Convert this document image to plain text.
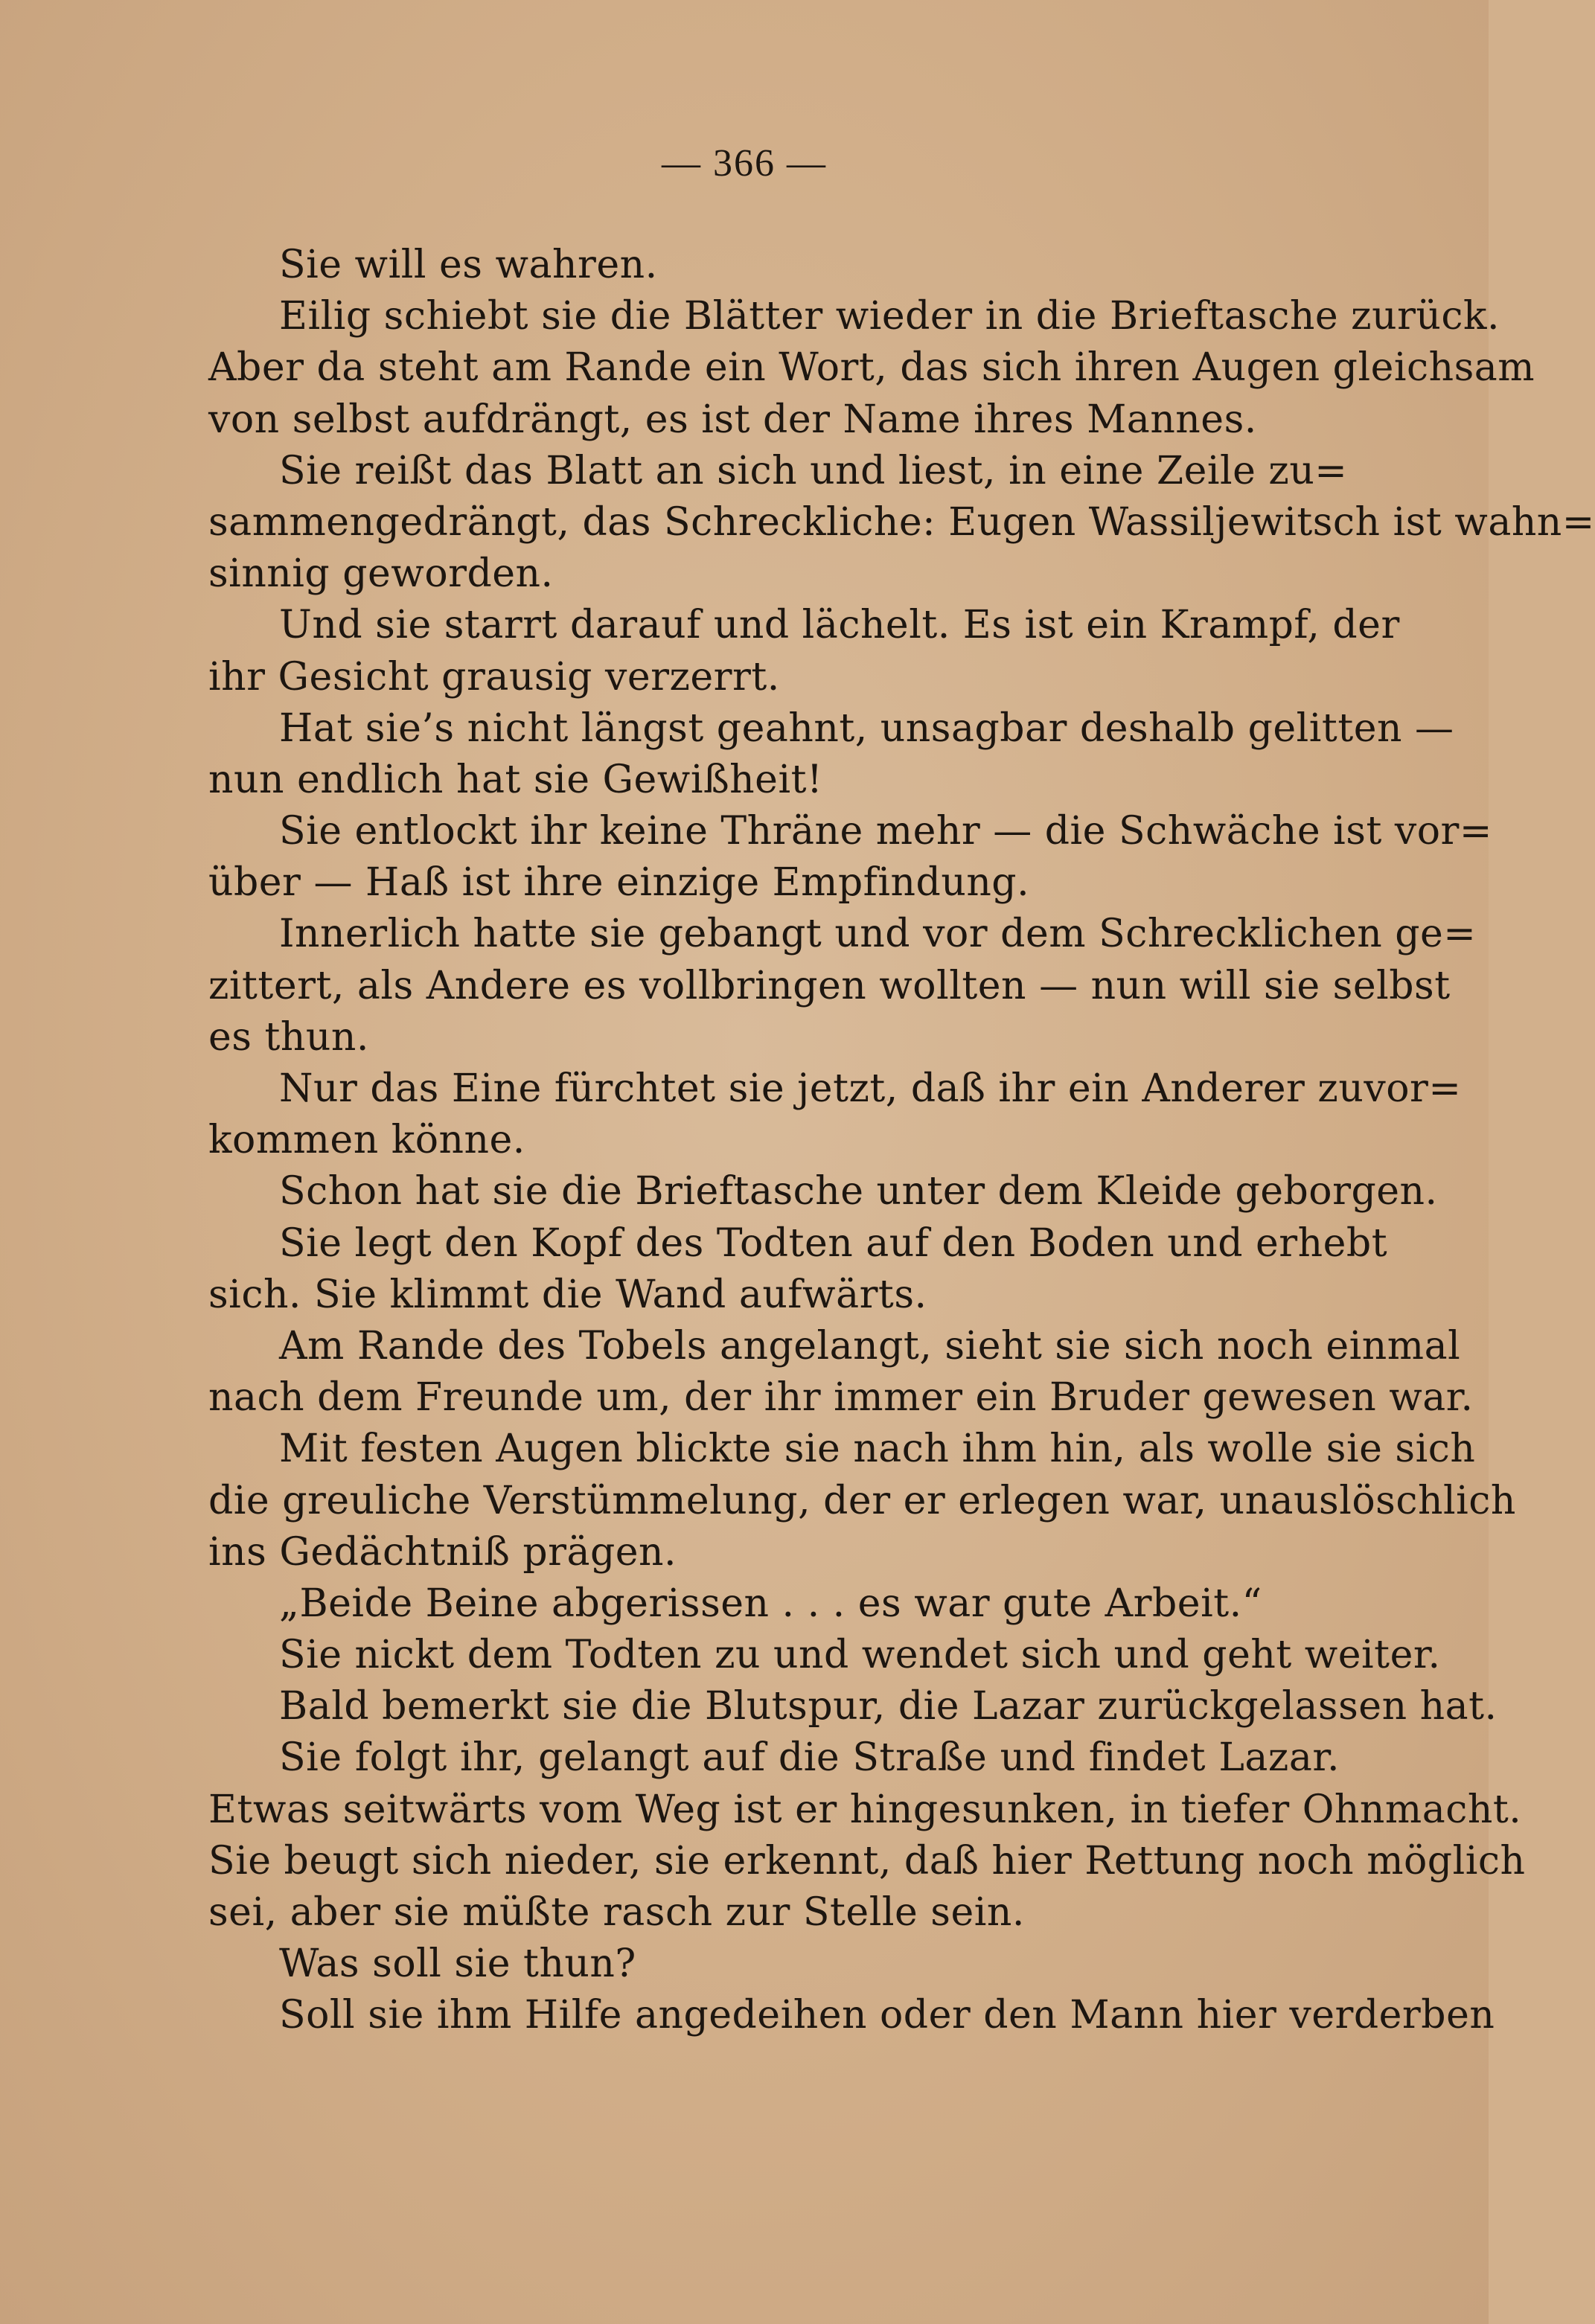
— 366 —
Sie will es wahren.
Eilig schiebt sie die Blätter wieder in die Brieftasche zurück.
Aber da steht am Rande ein Wort, das sich ihren Augen gleichsam
von selbst aufdrängt, es ist der Name ihres Mannes.
Sie reißt das Blatt an sich und liest, in eine Zeile zu=
sammengedrängt, das Schreckliche: Eugen Wassiljewitsch ist wahn=
sinnig geworden.
Und sie starrt darauf und lächelt. Es ist ein Krampf, der
ihr Gesicht grausig verzerrt.
Hat sie’s nicht längst geahnt, unsagbar deshalb gelitten —
nun endlich hat sie Gewißheit!
Sie entlockt ihr keine Thräne mehr — die Schwäche ist vor=
über — Haß ist ihre einzige Empfindung.
Innerlich hatte sie gebangt und vor dem Schrecklichen ge=
zittert, als Andere es vollbringen wollten — nun will sie selbst
es thun.
Nur das Eine fürchtet sie jetzt, daß ihr ein Anderer zuvor=
kommen könne.
Schon hat sie die Brieftasche unter dem Kleide geborgen.
Sie legt den Kopf des Todten auf den Boden und erhebt
sich. Sie klimmt die Wand aufwärts.
Am Rande des Tobels angelangt, sieht sie sich noch einmal
nach dem Freunde um, der ihr immer ein Bruder gewesen war.
Mit festen Augen blickte sie nach ihm hin, als wolle sie sich
die greuliche Verstümmelung, der er erlegen war, unauslöschlich
ins Gedächtniß prägen.
„Beide Beine abgerissen . . . es war gute Arbeit.“
Sie nickt dem Todten zu und wendet sich und geht weiter.
Bald bemerkt sie die Blutspur, die Lazar zurückgelassen hat.
Sie folgt ihr, gelangt auf die Straße und findet Lazar.
Etwas seitwärts vom Weg ist er hingesunken, in tiefer Ohnmacht.
Sie beugt sich nieder, sie erkennt, daß hier Rettung noch möglich
sei, aber sie müßte rasch zur Stelle sein.
Was soll sie thun?
Soll sie ihm Hilfe angedeihen oder den Mann hier verderben
